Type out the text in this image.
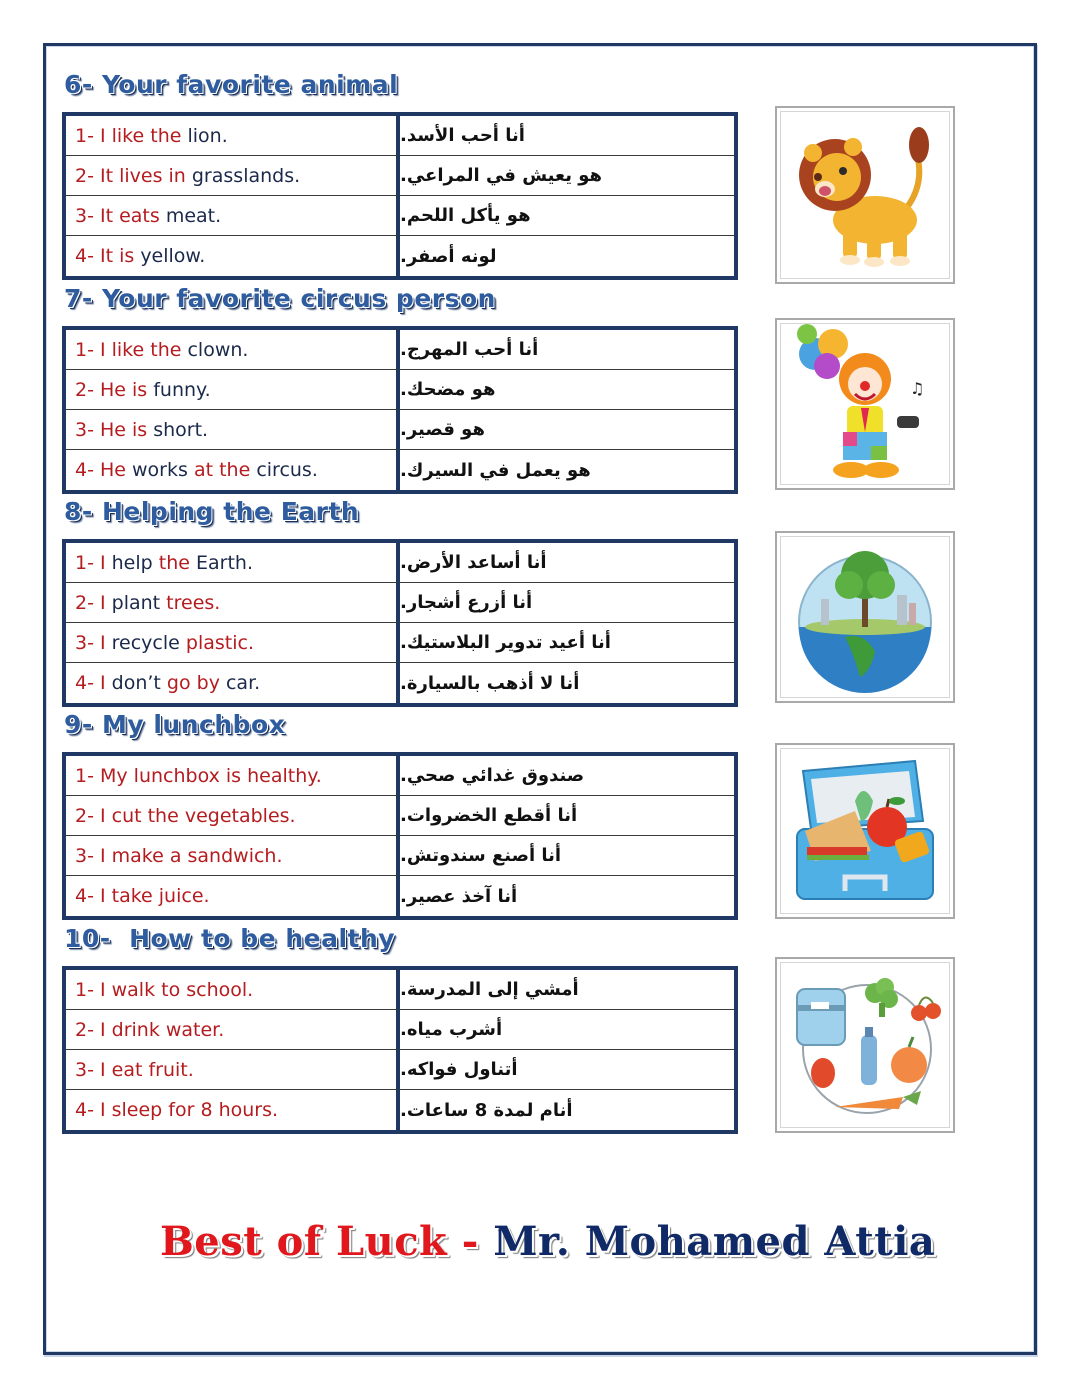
6- Your favorite animal
1- I like the
lion.	أنا أحب الأسد.
2- It lives in
grasslands.	هو يعيش في المراعي.
3- It eats
meat.	هو يأكل اللحم.
4- It is
yellow.	لونه أصفر.
7- Your favorite circus person
1- I like the
clown.	أنا أحب المهرج.
2- He is
funny.	هو مضحك.
3- He is
short.	هو قصير.
4- He
works
at the
circus.	هو يعمل في السيرك.
♫
8- Helping the Earth
1- I
help
the
Earth.	أنا أساعد الأرض.
2- I
plant
trees.	أنا أزرع أشجار.
3- I
recycle
plastic.	أنا أعيد تدوير البلاستيك.
4- I
don’t
go by
car.	أنا لا أذهب بالسيارة.
9- My lunchbox
1- My lunchbox is healthy.	صندوق غدائي صحي.
2- I cut the vegetables.	أنا أقطع الخضروات.
3- I make a sandwich.	أنا أصنع سندوتش.
4- I take juice.	أنا آخذ عصير.
10-  How to be healthy
1- I walk to school.	أمشي إلى المدرسة.
2- I drink water.	أشرب مياه.
3- I eat fruit.	أتناول فواكه.
4- I sleep for 8 hours.	أنام لمدة 8 ساعات.
Best of Luck - Mr. Mohamed Attia
